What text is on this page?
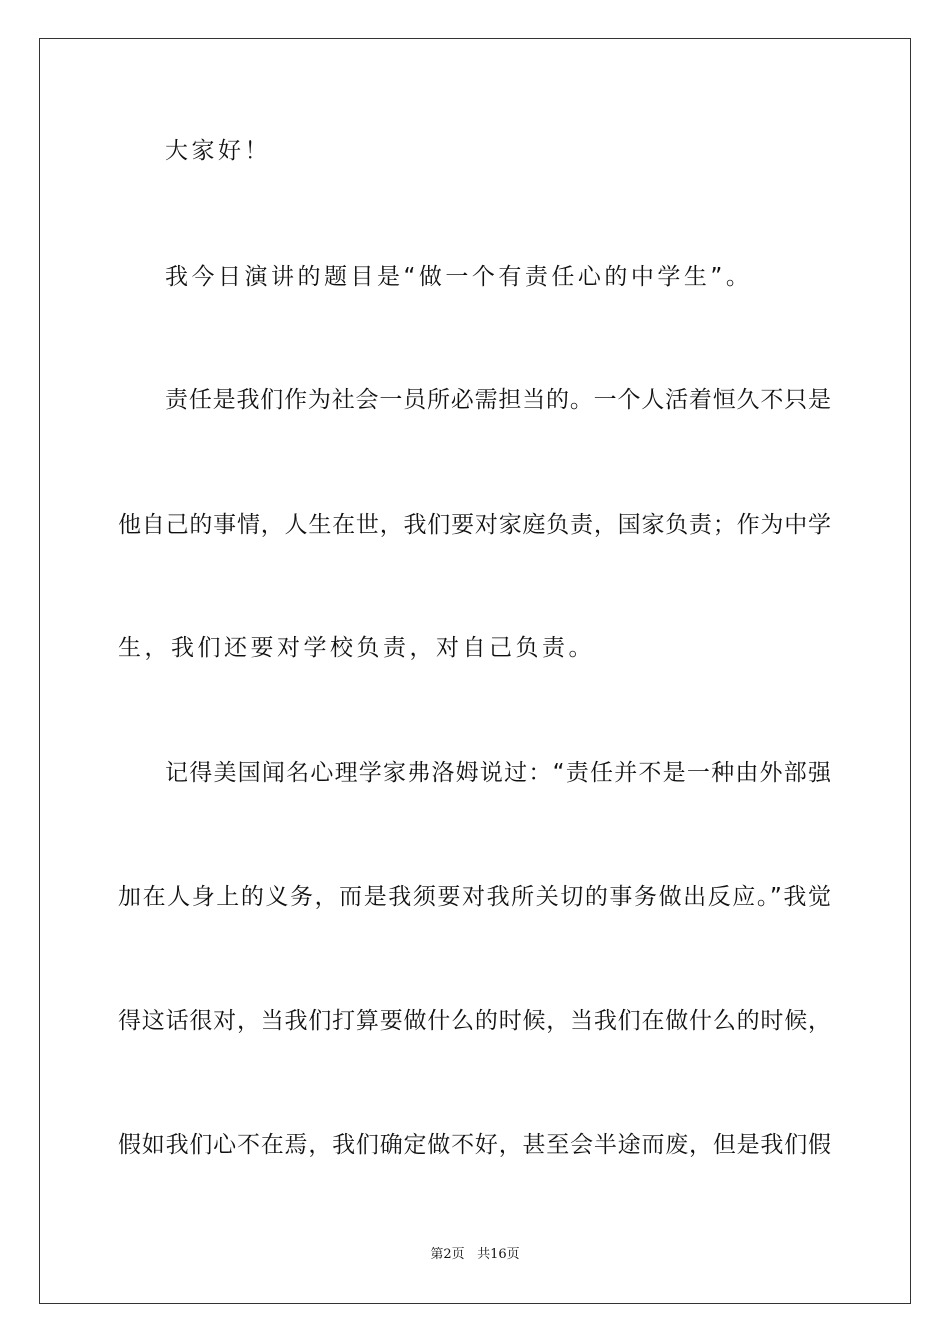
大家好！
我今日演讲的题目是“做一个有责任心的中学生”。
责任是我们作为社会一员所必需担当的。一个人活着恒久不只是
他自己的事情，人生在世，我们要对家庭负责，国家负责；作为中学
生，我们还要对学校负责，对自己负责。
记得美国闻名心理学家弗洛姆说过：“责任并不是一种由外部强
加在人身上的义务，而是我须要对我所关切的事务做出反应。”我觉
得这话很对，当我们打算要做什么的时候，当我们在做什么的时候，
假如我们心不在焉，我们确定做不好，甚至会半途而废，但是我们假
第2页 共16页
